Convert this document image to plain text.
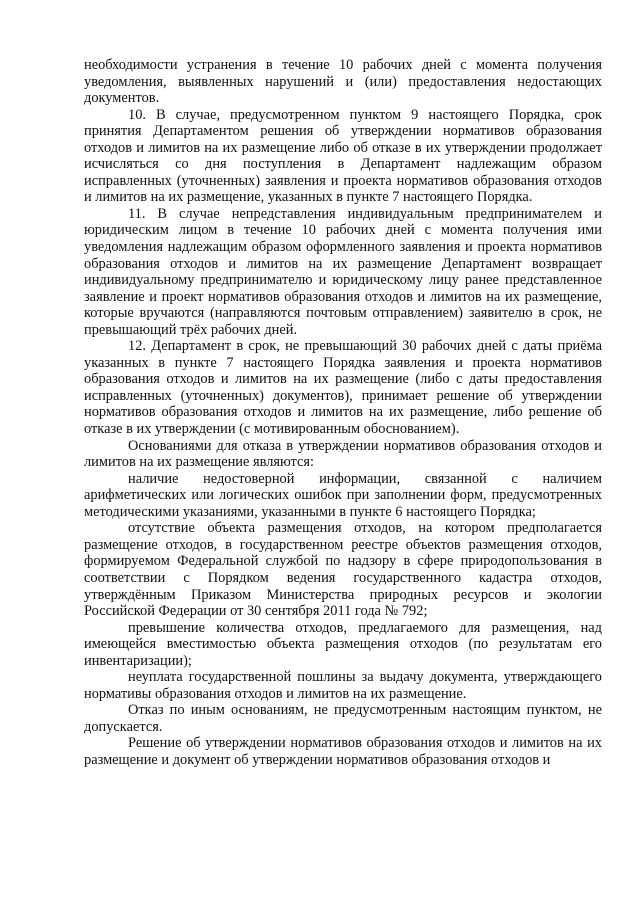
необходимости устранения в течение 10 рабочих дней с момента получения уведомления, выявленных нарушений и (или) предоставления недостающих документов.

10. В случае, предусмотренном пунктом 9 настоящего Порядка, срок принятия Департаментом решения об утверждении нормативов образования отходов и лимитов на их размещение либо об отказе в их утверждении продолжает исчисляться со дня поступления в Департамент надлежащим образом исправленных (уточненных) заявления и проекта нормативов образования отходов и лимитов на их размещение, указанных в пункте 7 настоящего Порядка.

11. В случае непредставления индивидуальным предпринимателем и юридическим лицом в течение 10 рабочих дней с момента получения ими уведомления надлежащим образом оформленного заявления и проекта нормативов образования отходов и лимитов на их размещение Департамент возвращает индивидуальному предпринимателю и юридическому лицу ранее представленное заявление и проект нормативов образования отходов и лимитов на их размещение, которые вручаются (направляются почтовым отправлением) заявителю в срок, не превышающий трёх рабочих дней.

12. Департамент в срок, не превышающий 30 рабочих дней с даты приёма указанных в пункте 7 настоящего Порядка заявления и проекта нормативов образования отходов и лимитов на их размещение (либо с даты предоставления исправленных (уточненных) документов), принимает решение об утверждении нормативов образования отходов и лимитов на их размещение, либо решение об отказе в их утверждении (с мотивированным обоснованием).

Основаниями для отказа в утверждении нормативов образования отходов и лимитов на их размещение являются:

наличие недостоверной информации, связанной с наличием арифметических или логических ошибок при заполнении форм, предусмотренных методическими указаниями, указанными в пункте 6 настоящего Порядка;

отсутствие объекта размещения отходов, на котором предполагается размещение отходов, в государственном реестре объектов размещения отходов, формируемом Федеральной службой по надзору в сфере природопользования в соответствии с Порядком ведения государственного кадастра отходов, утверждённым Приказом Министерства природных ресурсов и экологии Российской Федерации от 30 сентября 2011 года № 792;

превышение количества отходов, предлагаемого для размещения, над имеющейся вместимостью объекта размещения отходов (по результатам его инвентаризации);

неуплата государственной пошлины за выдачу документа, утверждающего нормативы образования отходов и лимитов на их размещение.

Отказ по иным основаниям, не предусмотренным настоящим пунктом, не допускается.

Решение об утверждении нормативов образования отходов и лимитов на их размещение и документ об утверждении нормативов образования отходов и
